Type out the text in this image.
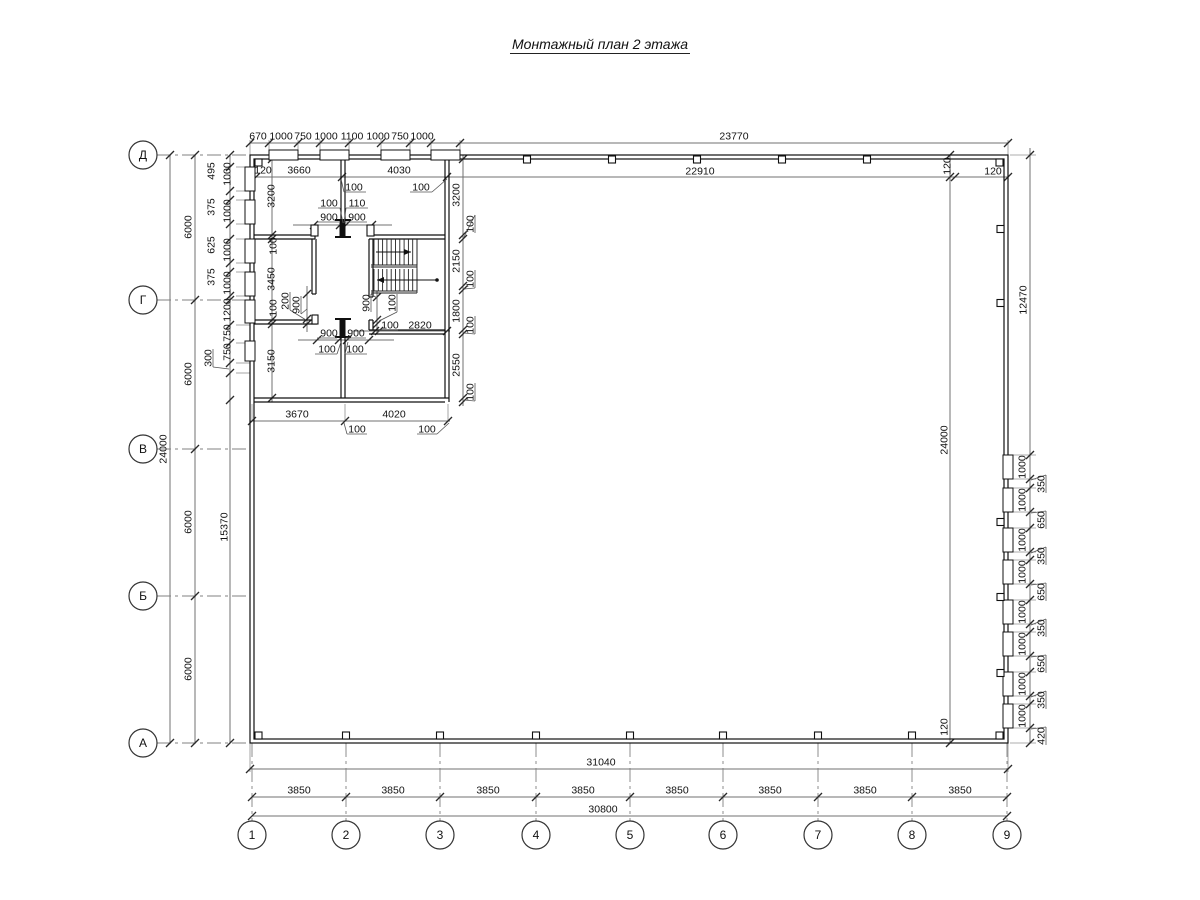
Монтажный план 2 этажа
670 1000 750 1000 1100 1000 750 1000	23770
120 3660	4030
100	100
22910	120	120
24000
6000
6000
6000
6000
15370
495 1000
375 1000
625 1000
375 1000
1200
750
750
300
3200
100
3450
100
3150
200 900
100 110
900 900
900 900
100 100
900 100
100 2820
3200
100
2150
100
1800
100
2550
100
3670	4020
100	100
12470
24000
120
1000
350
1000
650
1000
350
1000
650
1000
350
1000
650
1000
350
1000
420
31040
3850	3850	3850	3850	3850	3850	3850	3850
30800
Д
Г
В
Б
А
1	2	3	4	5	6	7	8	9
